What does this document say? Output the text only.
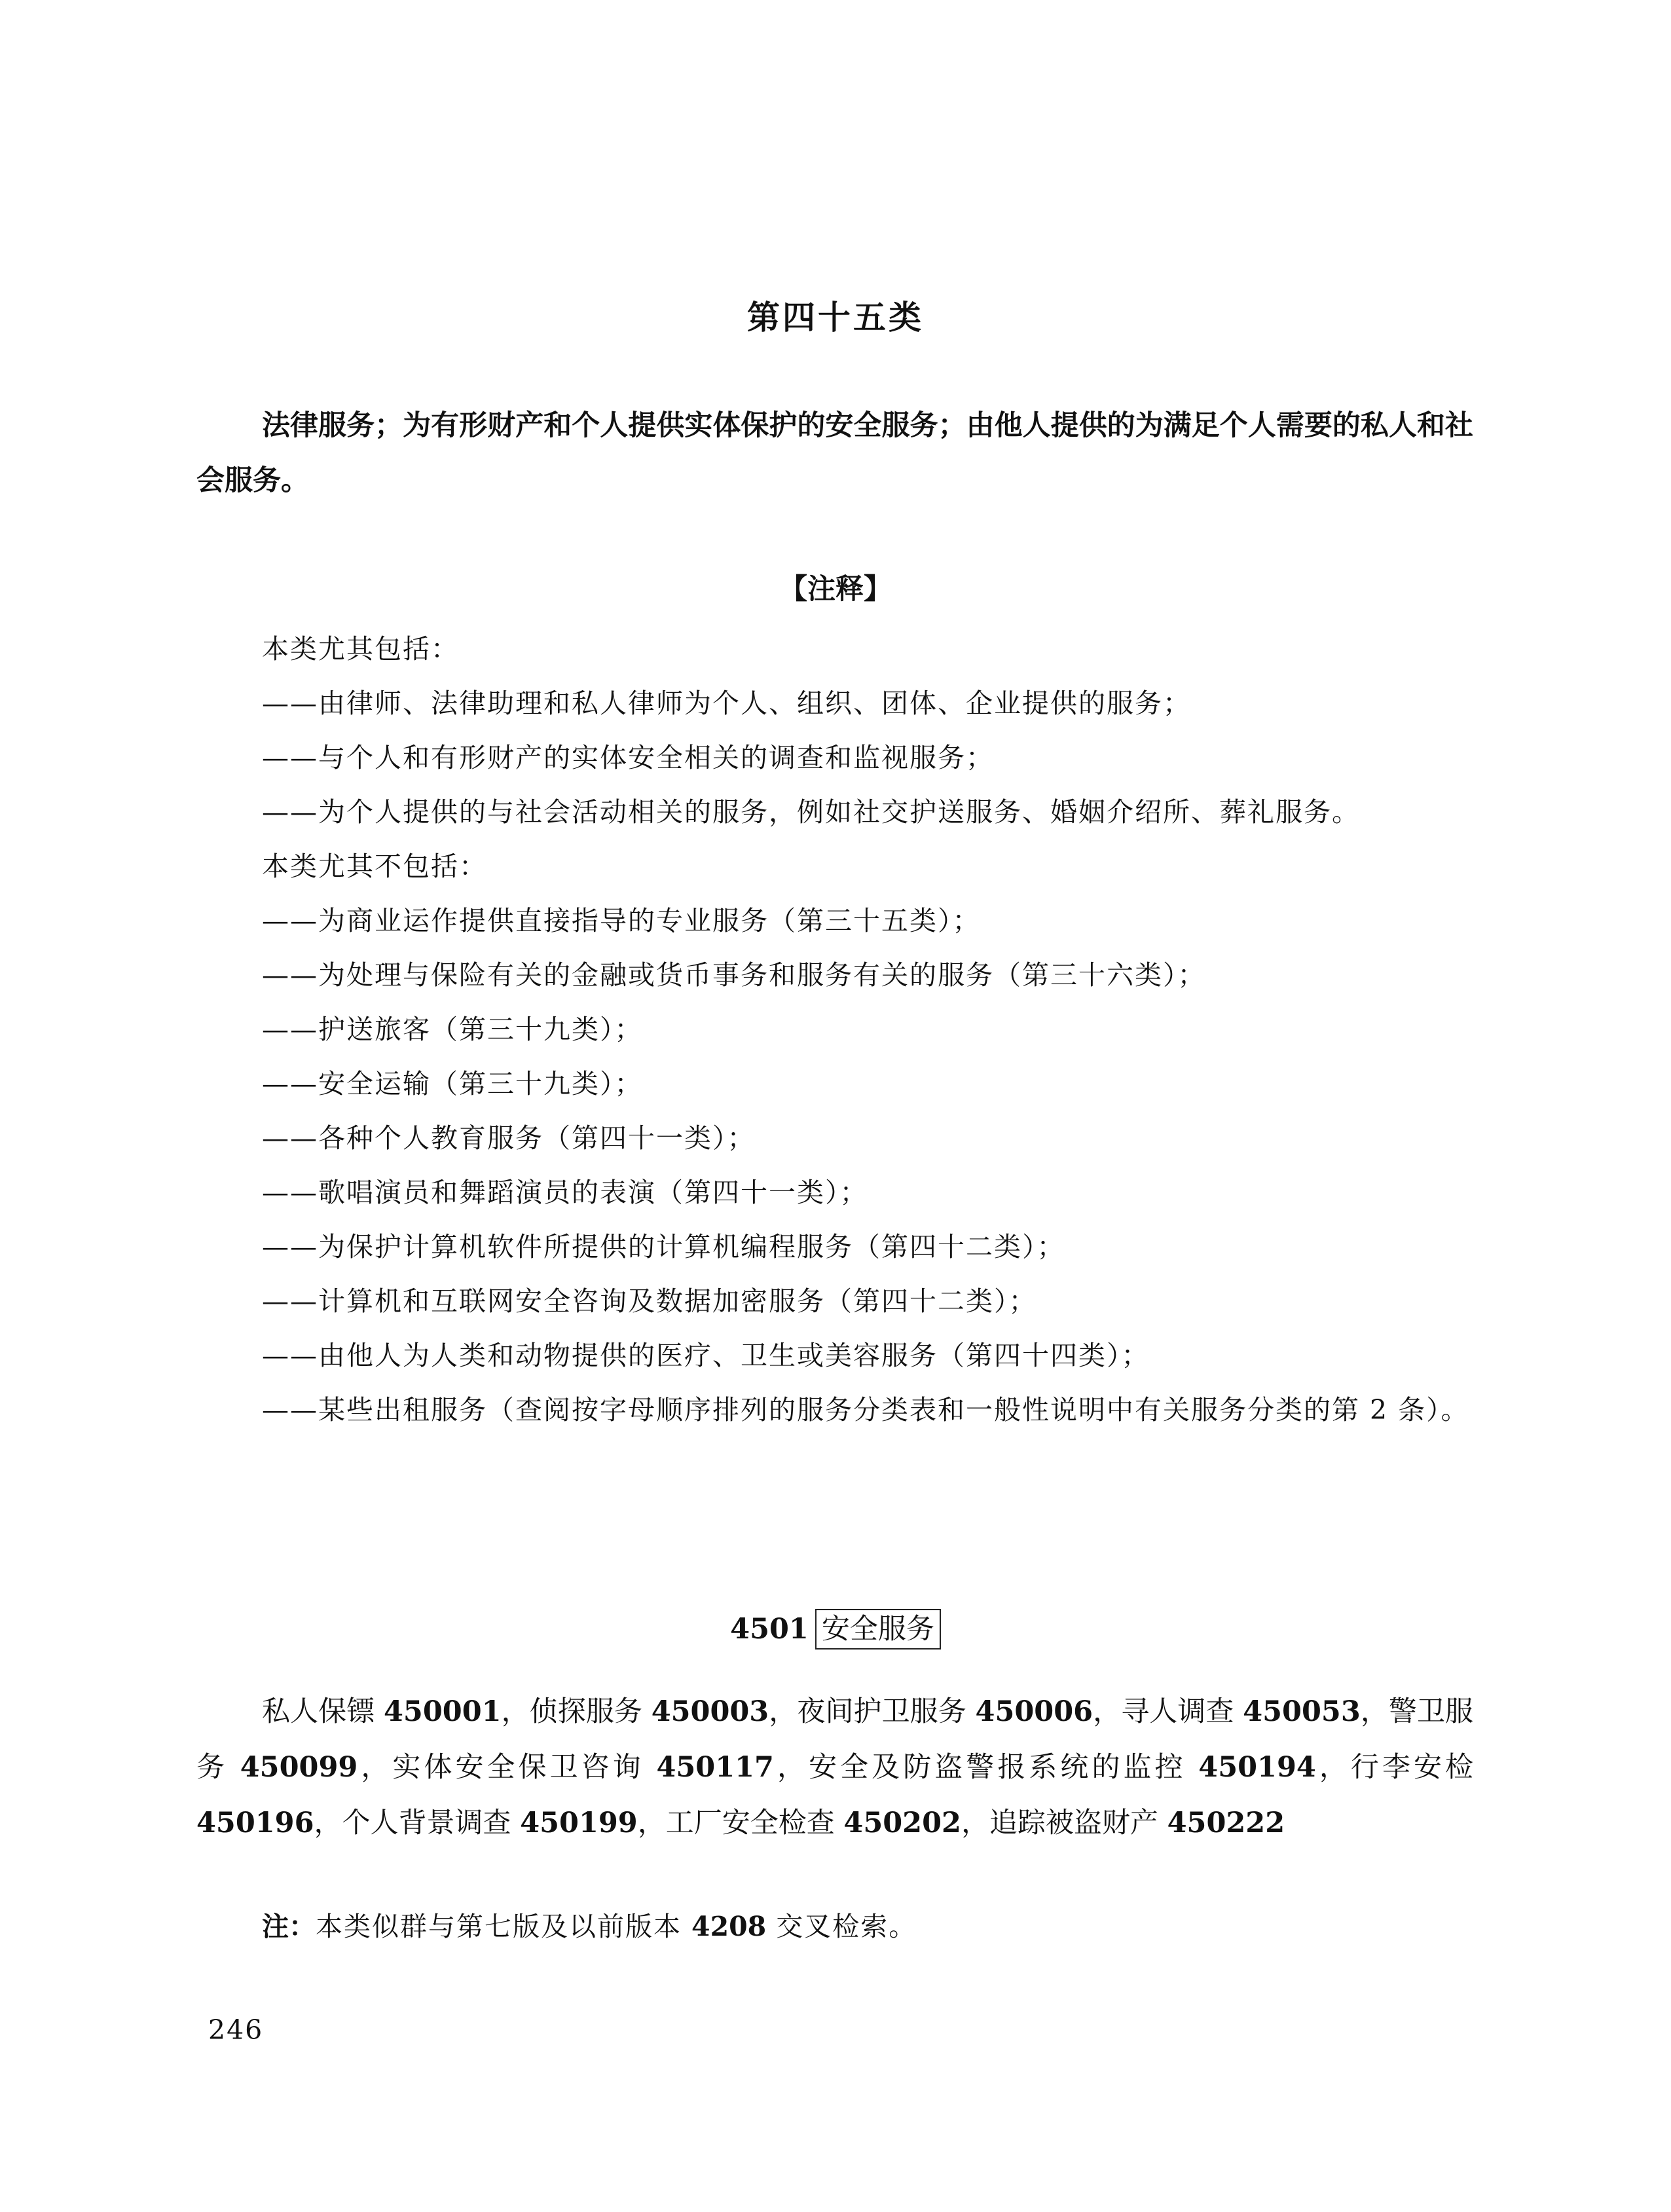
第四十五类
法律服务；为有形财产和个人提供实体保护的安全服务；由他人提供的为满足个人需要的私人和社会服务。
【注释】

本类尤其包括：

——由律师、法律助理和私人律师为个人、组织、团体、企业提供的服务；

——与个人和有形财产的实体安全相关的调查和监视服务；

——为个人提供的与社会活动相关的服务，例如社交护送服务、婚姻介绍所、葬礼服务。

本类尤其不包括：

——为商业运作提供直接指导的专业服务（第三十五类）；

——为处理与保险有关的金融或货币事务和服务有关的服务（第三十六类）；

——护送旅客（第三十九类）；

——安全运输（第三十九类）；

——各种个人教育服务（第四十一类）；

——歌唱演员和舞蹈演员的表演（第四十一类）；

——为保护计算机软件所提供的计算机编程服务（第四十二类）；

——计算机和互联网安全咨询及数据加密服务（第四十二类）；

——由他人为人类和动物提供的医疗、卫生或美容服务（第四十四类）；

——某些出租服务（查阅按字母顺序排列的服务分类表和一般性说明中有关服务分类的第 2 条）。

4501 安全服务
私人保镖 450001，侦探服务 450003，夜间护卫服务 450006，寻人调查 450053，警卫服务 450099，实体安全保卫咨询 450117，安全及防盗警报系统的监控 450194，行李安检 450196，个人背景调查 450199，工厂安全检查 450202，追踪被盗财产 450222
注：本类似群与第七版及以前版本 4208 交叉检索。
246
